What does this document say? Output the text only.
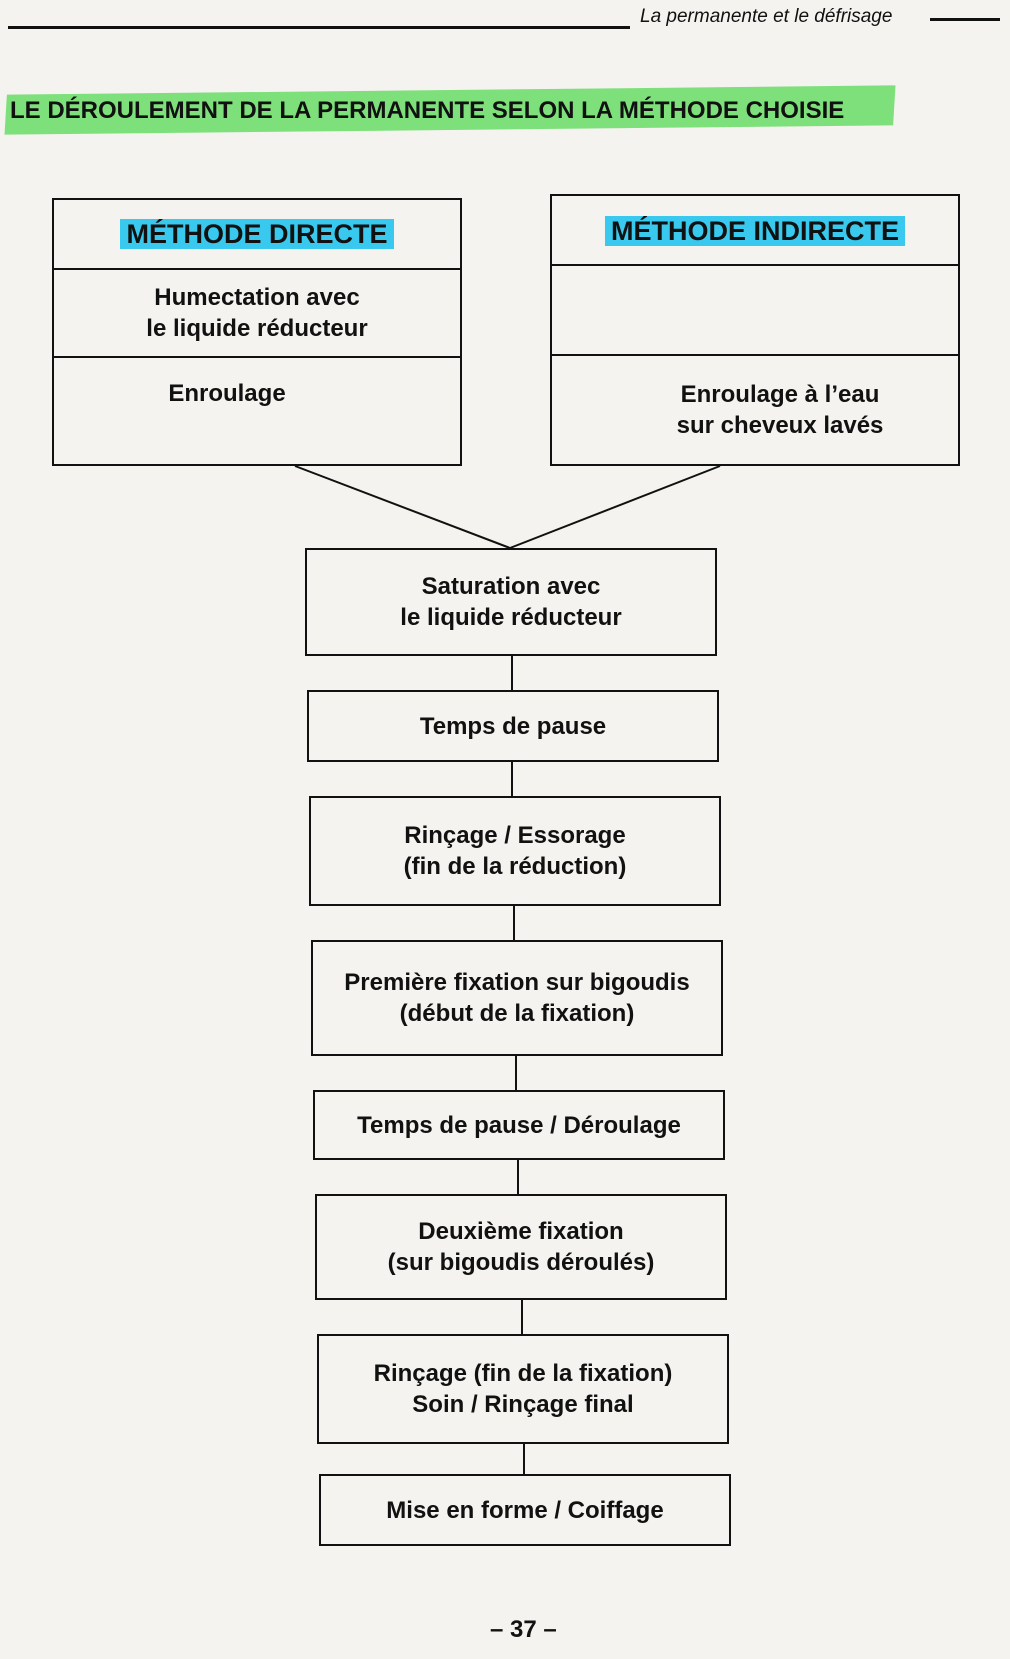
La permanente et le défrisage
LE DÉROULEMENT DE LA PERMANENTE SELON LA MÉTHODE CHOISIE
MÉTHODE DIRECTE
Humectation avec
le liquide réducteur
Enroulage
MÉTHODE INDIRECTE
Enroulage à l’eau
sur cheveux lavés
Saturation avec
le liquide réducteur
Temps de pause
Rinçage / Essorage
(fin de la réduction)
Première fixation sur bigoudis
(début de la fixation)
Temps de pause / Déroulage
Deuxième fixation
(sur bigoudis déroulés)
Rinçage (fin de la fixation)
Soin / Rinçage final
Mise en forme / Coiffage
– 37 –
